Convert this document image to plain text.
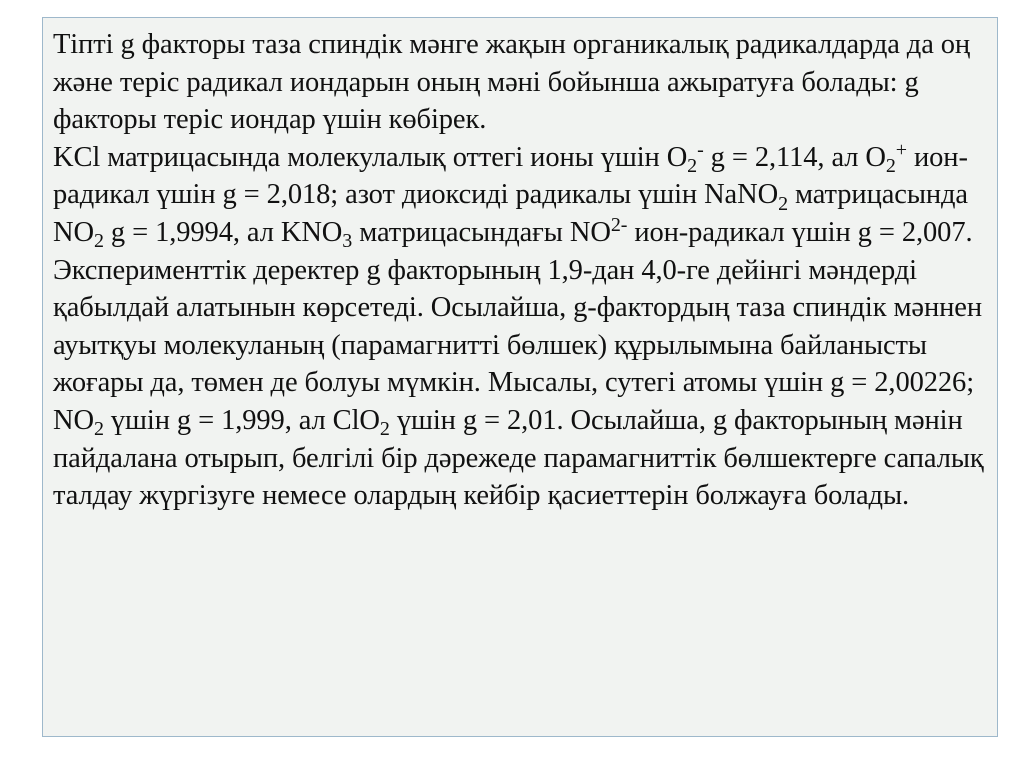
Тіпті g факторы таза спиндік мәнге жақын органикалық радикалдарда да оң және теріс радикал иондарын оның мәні бойынша ажыратуға болады: g факторы теріс иондар үшін көбірек.

KCl матрицасында молекулалық оттегі ионы үшін $O_2^-$ g = 2,114, ал $O_2^+$ ион-радикал үшін g = 2,018; азот диоксиді радикалы үшін NaNO$_2$ матрицасында $NO_2$ g = 1,9994, ал $KNO_3$ матрицасындағы $NO^{2-}$ ион-радикал үшін g = 2,007.

Эксперименттік деректер g факторының 1,9-дан 4,0-ге дейінгі мәндерді қабылдай алатынын көрсетеді. Осылайша, g-фактордың таза спиндік мәннен ауытқуы молекуланың (парамагнитті бөлшек) құрылымына байланысты жоғары да, төмен де болуы мүмкін. Мысалы, сутегі атомы үшін g = 2,00226; $NO_2$ үшін g = 1,999, ал ClO$_2$ үшін g = 2,01. Осылайша, g факторының мәнін пайдалана отырып, белгілі бір дәрежеде парамагниттік бөлшектерге сапалық талдау жүргізуге немесе олардың кейбір қасиеттерін болжауға болады.
